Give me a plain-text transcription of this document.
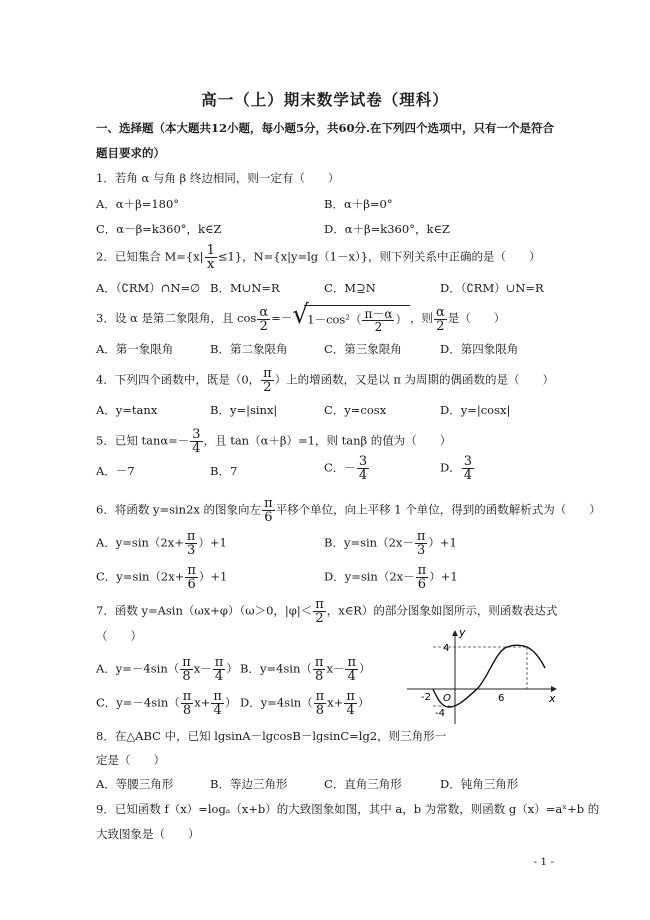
高一（上）期末数学试卷（理科）
一、选择题（本大题共12小题，每小题5分，共60分.在下列四个选项中，只有一个是符合
题目要求的）
1．若角 α 与角 β 终边相同，则一定有（　　）
A．α＋β=180°	B．α＋β=0°
C．α－β=k360°，k∈Z	D．α＋β=k360°，k∈Z
2．已知集合 $M=\{x| \frac{1}{x} \le 1\}$，N={x|y=lg（1－x）}，则下列关系中正确的是（　　）
A．（∁RM）∩N=∅ B．M∪N=R	C．M⊇N	D．（∁RM）∪N=R
3．设 α 是第二象限角，且 $\cos \frac{\alpha}{2}$ =－ √
$1-\cos^2( \frac{\pi-\alpha}{2}$ ） ，则 $\frac{\alpha}{2}$ 是（　　）
A．第一象限角	B．第二象限角	C．第三象限角	D．第四象限角
4．下列四个函数中，既是（0， $\frac{\pi}{2}$ ）上的增函数，又是以 π 为周期的偶函数的是（　　）
A．y=tanx	B．y=|sinx|	C．y=cosx	D．y=|cosx|
5．已知 $\tan\alpha=- \frac{3}{4}$ ，且 tan（α＋β）=1，则 tanβ 的值为（　　）
A．－7	B．7	C．－ $\frac{3}{4}$	D． $\frac{3}{4}$
6．将函数 y=sin2x 的图象向左 $\frac{\pi}{6}$ 平移个单位，向上平移 1 个单位，得到的函数解析式为（　　）
A．$y=\sin(2x+ \frac{\pi}{3} )+1$	B．$y=\sin(2x- \frac{\pi}{3} )+1$
C．$y=\sin(2x+ \frac{\pi}{6} )+1$	D．$y=\sin(2x- \frac{\pi}{6} )+1$
7．函数 y=Asin（ωx+φ）（ω＞0，$|\varphi|< \frac{\pi}{2}$ ，x∈R）的部分图象如图所示，则函数表达式
（　　）
A．$y=-4\sin( \frac{\pi}{8} x- \frac{\pi}{4}$ ） B．$y=4\sin( \frac{\pi}{8} x- \frac{\pi}{4}$ ）
C．$y=-4\sin( \frac{\pi}{8} x+ \frac{\pi}{4}$ ） D．$y=4\sin( \frac{\pi}{8} x+ \frac{\pi}{4}$ ）
y
x
4
-4
-2 O	6
8．在△ABC 中，已知 lgsinA－lgcosB－lgsinC=lg2，则三角形一
定是（　　）
A．等腰三角形	B．等边三角形	C．直角三角形	D．钝角三角形
9．已知函数 f（x）=logₐ（x+b）的大致图象如图，其中 a，b 为常数，则函数 g（x）=aˣ+b 的
大致图象是（　　）
- 1 -
